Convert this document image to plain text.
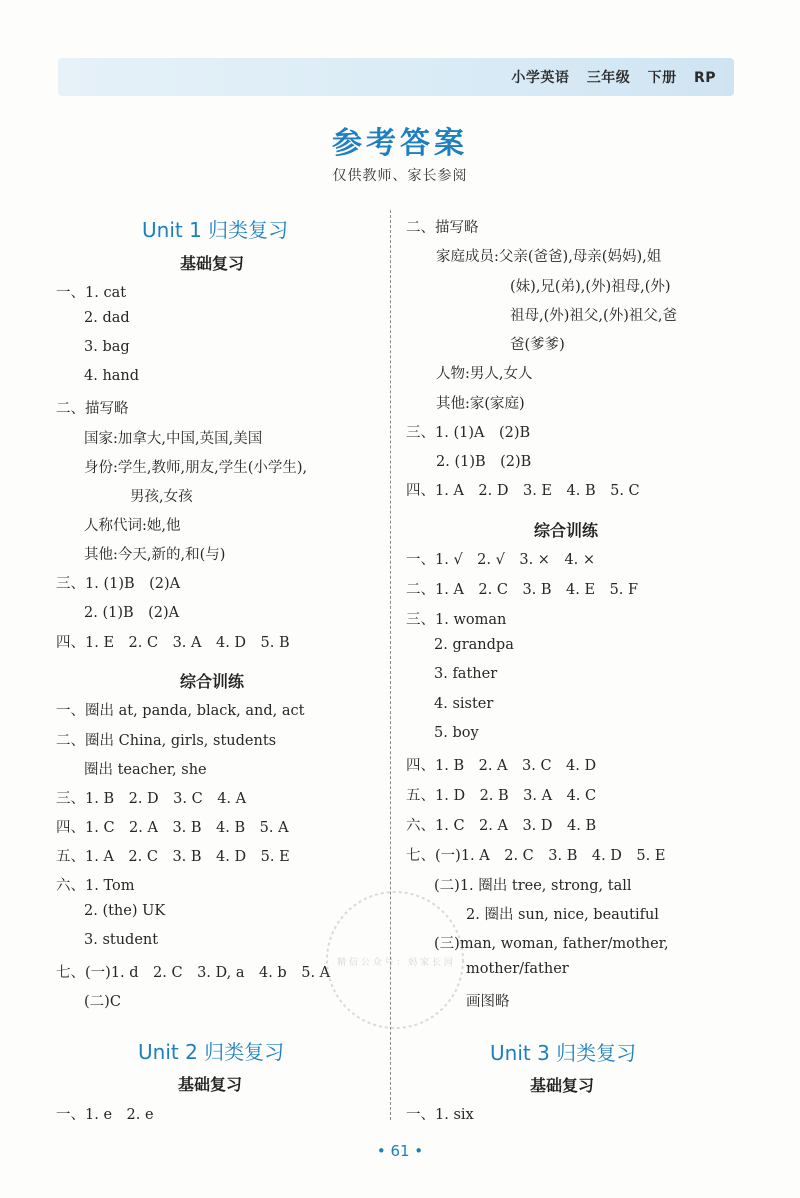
小学英语 三年级 下册 RP
参考答案
仅供教师、家长参阅
Unit 1 归类复习
基础复习
一、1. cat
2. dad
3. bag
4. hand
二、描写略
国家:加拿大,中国,英国,美国
身份:学生,教师,朋友,学生(小学生),
男孩,女孩
人称代词:她,他
其他:今天,新的,和(与)
三、1. (1)B　(2)A
2. (1)B　(2)A
四、1. E　2. C　3. A　4. D　5. B
综合训练
一、圈出 at, panda, black, and, act
二、圈出 China, girls, students
圈出 teacher, she
三、1. B　2. D　3. C　4. A
四、1. C　2. A　3. B　4. B　5. A
五、1. A　2. C　3. B　4. D　5. E
六、1. Tom
2. (the) UK
3. student
七、(一)1. d　2. C　3. D, a　4. b　5. A
(二)C
Unit 2 归类复习
基础复习
一、1. e　2. e
二、描写略
家庭成员:父亲(爸爸),母亲(妈妈),姐
(妹),兄(弟),(外)祖母,(外)
祖母,(外)祖父,(外)祖父,爸
爸(爹爹)
人物:男人,女人
其他:家(家庭)
三、1. (1)A　(2)B
2. (1)B　(2)B
四、1. A　2. D　3. E　4. B　5. C
综合训练
一、1. √　2. √　3. ×　4. ×
二、1. A　2. C　3. B　4. E　5. F
三、1. woman
2. grandpa
3. father
4. sister
5. boy
四、1. B　2. A　3. C　4. D
五、1. D　2. B　3. A　4. C
六、1. C　2. A　3. D　4. B
七、(一)1. A　2. C　3. B　4. D　5. E
(二)1. 圈出 tree, strong, tall
2. 圈出 sun, nice, beautiful
(三)man, woman, father/mother,
mother/father
画图略
Unit 3 归类复习
基础复习
一、1. six
精 信 公 众 号 ： 妈 家 长 园
• 61 •
